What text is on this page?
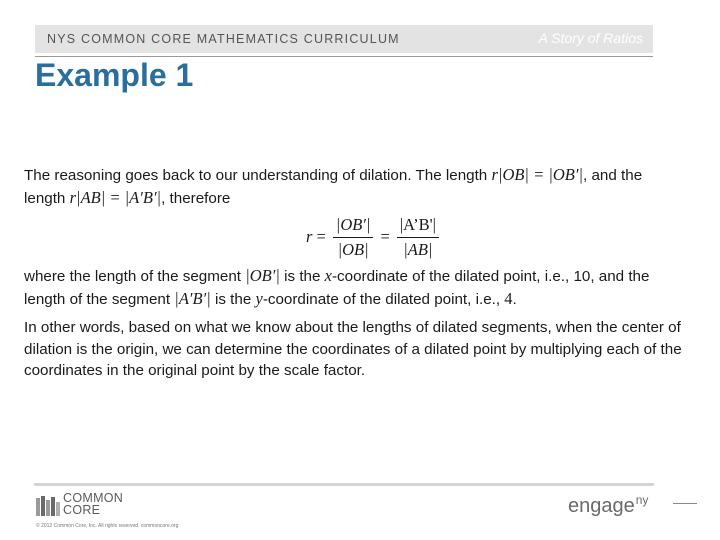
NYS COMMON CORE MATHEMATICS CURRICULUM	A Story of Ratios
Example 1

The reasoning goes back to our understanding of dilation. The length r|OB| = |OB′|, and the
length r|AB| = |A′B′|, therefore

$r = \frac{|OB'|}{|OB|} = \frac{|A’B'|}{|AB|}$

where the length of the segment |OB′| is the x-coordinate of the dilated point, i.e., 10, and the
length of the segment |A′B′| is the y-coordinate of the dilated point, i.e., 4.

In other words, based on what we know about the lengths of dilated segments, when the center of dilation is the origin, we can determine the coordinates of a dilated point by multiplying each of the coordinates in the original point by the scale factor.

COMMON
CORE
© 2012 Common Core, Inc. All rights reserved. commoncore.org
engage$^{ny}$
